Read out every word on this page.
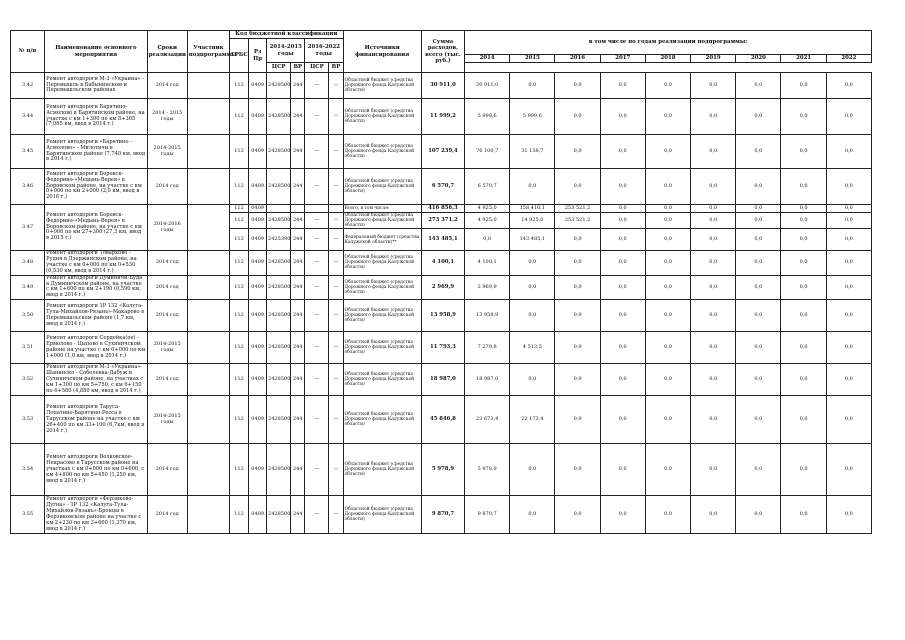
№ п/п	Наименование основного мероприятия	Сроки реализации	Участник подпрограммы	Код бюджетной классификации						Источники финансирования	Сумма расходов, всего (тыс. руб.)	в том числе по годам реализации подпрограммы:								
				ГРБС	Рз Пр	2014-2015 годы		2016-2022 годы												
												2014	2015	2016	2017	2018	2019	2020	2021	2022
						ЦСР	ВР	ЦСР	ВР											
3.42	Ремонт автодороги М-3 «Украина» - Перемышль в Бабынинском и Перемышльском районах	2014 год		112	0409	2428500	244	—	—	Областной бюджет (средства Дорожного фонда Калужской области)	30 911,0	30 911,0	0,0	0,0	0,0	0,0	0,0	0,0	0,0	0,0
3.44	Ремонт автодороги Барятино-Асмолово в Барятинском районе, на участке с км 1+300 по км 8+365 (7,065 км, ввод в 2014 г.)	2014 - 2015 годы		112	0409	2428500	244	—	—	Областной бюджет (средства Дорожного фонда Калужской области)	11 999,2	5 999,6	5 999,6	0,0	0,0	0,0	0,0	0,0	0,0	0,0
3.45	Ремонт автодороги «Барятино – Асмолово» - Милотичи в Барятинском районе (7,740 км, ввод в 2014 г.)	2014-2015 годы		112	0409	2428500	244	—	—	Областной бюджет (средства Дорожного фонда Калужской области)	107 239,4	76 100,7	31 138,7	0,0	0,0	0,0	0,0	0,0	0,0	0,0
3.46	Ремонт автодороги Боровск-Федорино-«Медынь-Верея» в Боровском районе, на участке с км 0+000 по км 2+000 (2,0 км, ввод в 2016 г.)	2014 год		112	0409	2428500	244	—	—	Областной бюджет (средства Дорожного фонда Калужской области)	6 570,7	6 570,7	0,0	0,0	0,0	0,0	0,0	0,0	0,0	0,0
3.47	Ремонт автодороги Боровск-Федорино-«Медынь-Верея» в Боровском районе, на участке с км 0+000 по км 27+300 (27,3 км, ввод в 2015 г.)	2014-2016 годы		112	0409					Всего, в том числе:	416 856,3	4 925,0	158 410,1	253 521,2	0,0	0,0	0,0	0,0	0,0	0,0
				112	0409	2428500	244	—	—	Областной бюджет (средства Дорожного фонда Калужской области)	273 371,2	4 925,0	14 925,0	253 521,2	0,0	0,0	0,0	0,0	0,0	0,0
				112	0409	2425390	244	—	—	Федеральный бюджет (средства Калужской области)**	143 485,1	0,0	143 485,1	0,0	0,0	0,0	0,0	0,0	0,0	0,0
3.48	Ремонт автодороги Товарково - Рудня в Дзержинском районе, на участке с км 0+000 по км 0+530 (0,530 км, ввод в 2014 г.)	2014 год		112	0409	2428500	244	—	—	Областной бюджет (средства Дорожного фонда Калужской области)	4 100,1	4 100,1	0,0	0,0	0,0	0,0	0,0	0,0	0,0	0,0
3.49	Ремонт автодороги Думиничи-Буда в Думиничском районе, на участке с км 1+600 по км 2+190 (0,590 км, ввод в 2014 г.)	2014 год		112	0409	2428500	244	—	—	Областной бюджет (средства Дорожного фонда Калужской области)	2 969,9	2 969,9	0,0	0,0	0,0	0,0	0,0	0,0	0,0	0,0
3.50	Ремонт автодороги 1Р 132 «Калуга-Тула-Михайлов-Рязань»-Макарово в Перемышльском районе (1,7 км, ввод в 2014 г.)	2014 год		112	0409	2428500	244	—	—	Областной бюджет (средства Дорожного фонда Калужской области)	13 958,9	13 958,9	0,0	0,0	0,0	0,0	0,0	0,0	0,0	0,0
3.51	Ремонт автодороги Сердейка(ое) - Ермолово - Цыпово в Сухиничском районе на участке с км 0+000 по км 1+000 (1,0 км, ввод в 2014 г.)	2014-2015 годы		112	0409	2428500	244	—	—	Областной бюджет (средства Дорожного фонда Калужской области)	11 793,3	7 279,8	4 513,5	0,0	0,0	0,0	0,0	0,0	0,0	0,0
3.52	Ремонт автодороги М-3 «Украина»-Шанинско - Соболевка-Дабуж в Сухиничском районе, на участках с км 1+300 по км 5+750, с км 6+150 по 6+580 (4,880 км, ввод в 2014 г.)	2014 год		112	0409	2428500	244	—	—	Областной бюджет (средства Дорожного фонда Калужской области)	18 987,0	18 987,0	0,0	0,0	0,0	0,0	0,0	0,0	0,0	0,0
3.53	Ремонт автодороги Таруса-Лопатино-Барятино-Ресса в Тарусском районе на участке с км 26+400 по км 33+100 (6,7км, ввод в 2014 г.)	2014-2015 годы		112	0409	2428500	244	—	—	Областной бюджет (средства Дорожного фонда Калужской области)	45 846,8	23 673,4	22 173,4	0,0	0,0	0,0	0,0	0,0	0,0	0,0
3.54	Ремонт автодороги Волковское-Некрасово в Тарусском районе на участках с км 0+000 по км 0+600, с км 4+800 по км 5+450 (1,250 км, ввод в 2014 г.)	2014 год		112	0409	2428500	244	—	—	Областной бюджет (средства Дорожного фонда Калужской области)	5 978,9	5 978,9	0,0	0,0	0,0	0,0	0,0	0,0	0,0	0,0
3.55	Ремонт автодороги «Ферзиково-Дугна» - 1Р 132 «Калуга-Тула-Михайлов-Рязань»-Бронцы в Ферзиковском районе на участке с км 2+230 по км 3+600 (1,370 км, ввод в 2014 г.)	2014 год		112	0409	2428500	244	—	—	Областной бюджет (средства Дорожного фонда Калужской области)	9 870,7	9 870,7	0,0	0,0	0,0	0,0	0,0	0,0	0,0	0,0
